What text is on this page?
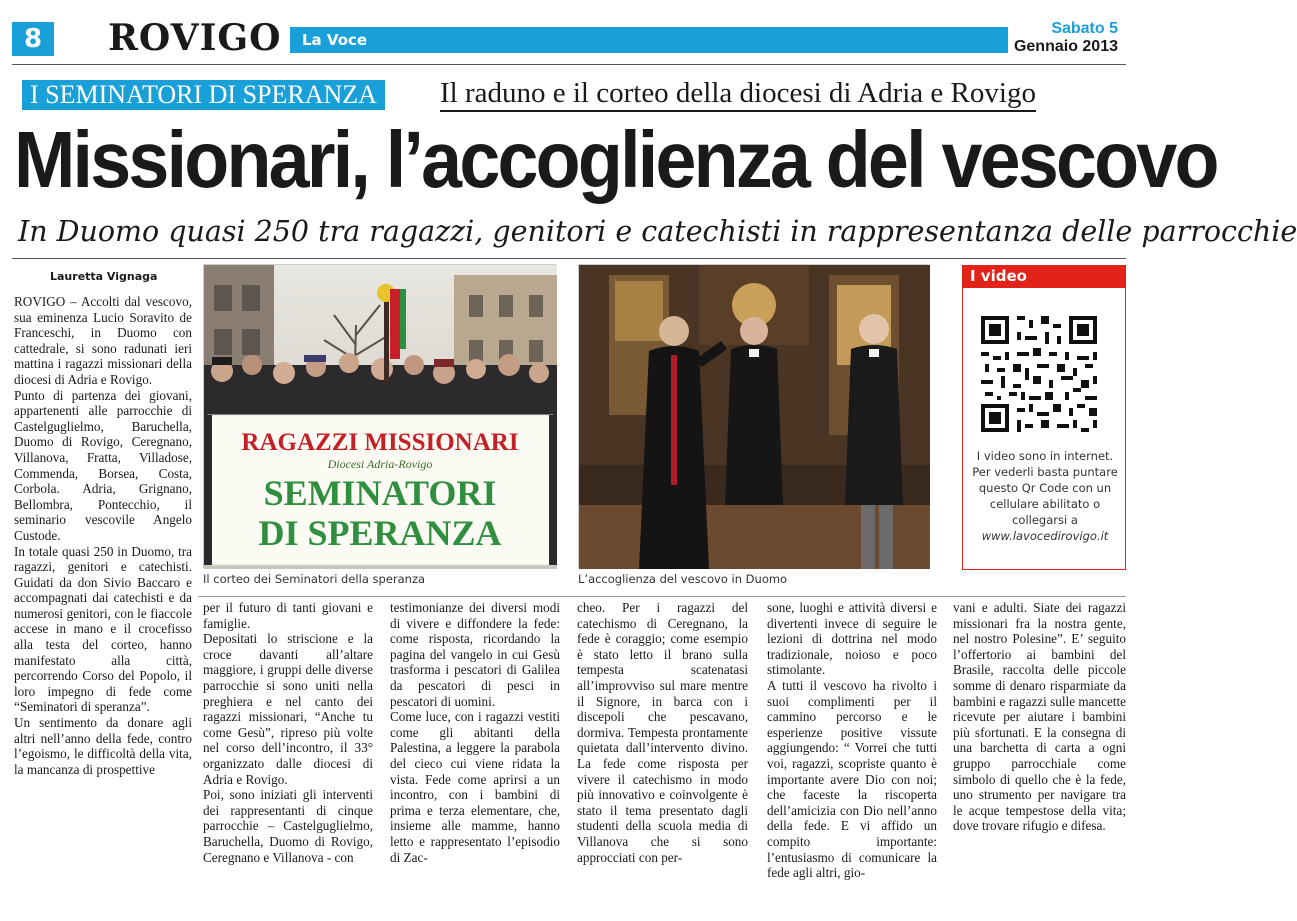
8	ROVIGO La Voce
Sabato 5
Gennaio 2013
I SEMINATORI DI SPERANZA Il raduno e il corteo della diocesi di Adria e Rovigo
Missionari, l’accoglienza del vescovo
In Duomo quasi 250 tra ragazzi, genitori e catechisti in rappresentanza delle parrocchie
Lauretta Vignaga

ROVIGO – Accolti dal vescovo, sua eminenza Lucio Soravito de Franceschi, in Duomo con cattedrale, si sono radunati ieri mattina i ragazzi missionari della diocesi di Adria e Rovigo.

Punto di partenza dei giovani, appartenenti alle parrocchie di Castelguglielmo, Baruchella, Duomo di Rovigo, Ceregnano, Villanova, Fratta, Villadose, Commenda, Borsea, Costa, Corbola. Adria, Grignano, Bellombra, Pontecchio, il seminario vescovile Angelo Custode.

In totale quasi 250 in Duomo, tra ragazzi, genitori e catechisti. Guidati da don Sivio Baccaro e accompagnati dai catechisti e da numerosi genitori, con le fiaccole accese in mano e il crocefisso alla testa del corteo, hanno manifestato alla città, percorrendo Corso del Popolo, il loro impegno di fede come “Seminatori di speranza”.

Un sentimento da donare agli altri nell’anno della fede, contro l’egoismo, le difficoltà della vita, la mancanza di prospettive

RAGAZZI MISSIONARI
Diocesi Adria-Rovigo
SEMINATORI
DI SPERANZA
Il corteo dei Seminatori della speranza	L’accoglienza del vescovo in Duomo
I video
I video sono in internet. Per vederli basta puntare questo Qr Code con un cellulare abilitato o collegarsi a www.lavocedirovigo.it

per il futuro di tanti giovani e famiglie.

Depositati lo striscione e la croce davanti all’altare maggiore, i gruppi delle diverse parrocchie si sono uniti nella preghiera e nel canto dei ragazzi missionari, “Anche tu come Gesù”, ripreso più volte nel corso dell’incontro, il 33° organizzato dalle diocesi di Adria e Rovigo.

Poi, sono iniziati gli interventi dei rappresentanti di cinque parrocchie – Castelguglielmo, Baruchella, Duomo di Rovigo, Ceregnano e Villanova - con

testimonianze dei diversi modi di vivere e diffondere la fede: come risposta, ricordando la pagina del vangelo in cui Gesù trasforma i pescatori di Galilea da pescatori di pesci in pescatori di uomini.

Come luce, con i ragazzi vestiti come gli abitanti della Palestina, a leggere la parabola del cieco cui viene ridata la vista. Fede come aprirsi a un incontro, con i bambini di prima e terza elementare, che, insieme alle mamme, hanno letto e rappresentato l’episodio di Zac-

cheo. Per i ragazzi del catechismo di Ceregnano, la fede è coraggio; come esempio è stato letto il brano sulla tempesta scatenatasi all’improvviso sul mare mentre il Signore, in barca con i discepoli che pescavano, dormiva. Tempesta prontamente quietata dall’intervento divino. La fede come risposta per vivere il catechismo in modo più innovativo e coinvolgente è stato il tema presentato dagli studenti della scuola media di Villanova che si sono approcciati con per-

sone, luoghi e attività diversi e divertenti invece di seguire le lezioni di dottrina nel modo tradizionale, noioso e poco stimolante.

A tutti il vescovo ha rivolto i suoi complimenti per il cammino percorso e le esperienze positive vissute aggiungendo: “ Vorrei che tutti voi, ragazzi, scopriste quanto è importante avere Dio con noi; che faceste la riscoperta dell’amicizia con Dio nell’anno della fede. E vi affido un compito importante: l’entusiasmo di comunicare la fede agli altri, gio-

vani e adulti. Siate dei ragazzi missionari fra la nostra gente, nel nostro Polesine”. E’ seguito l’offertorio ai bambini del Brasile, raccolta delle piccole somme di denaro risparmiate da bambini e ragazzi sulle mancette ricevute per aiutare i bambini più sfortunati. E la consegna di una barchetta di carta a ogni gruppo parrocchiale come simbolo di quello che è la fede, uno strumento per navigare tra le acque tempestose della vita; dove trovare rifugio e difesa.
